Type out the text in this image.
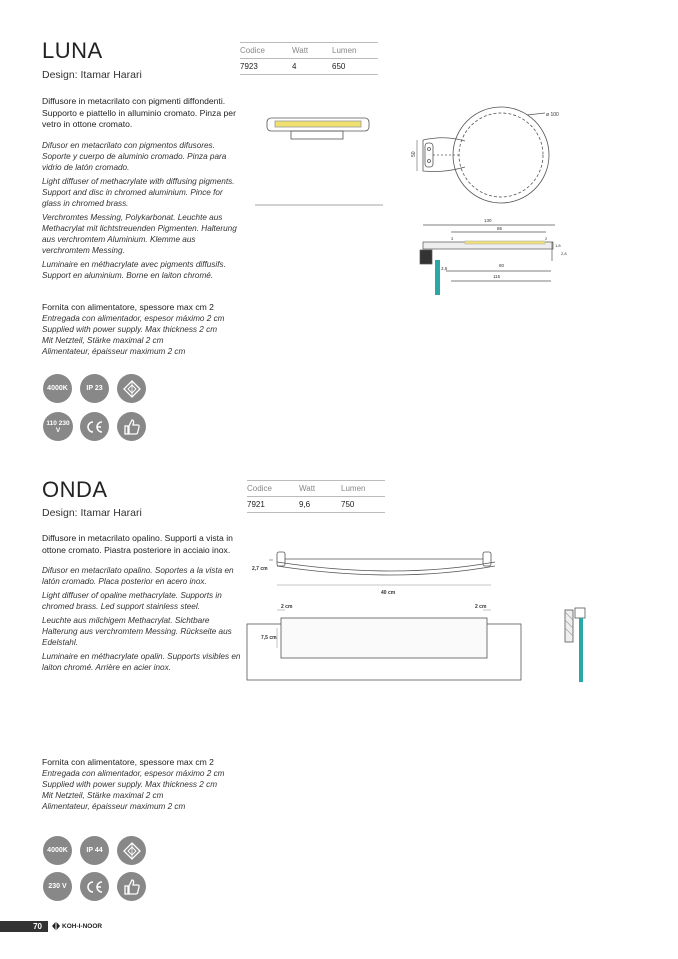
LUNA
Design: Itamar Harari
Codice	Watt	Lumen
7923	4	650

Diffusore in metacrilato con pigmenti diffondenti. Supporto e piattello in alluminio cromato. Pinza per vetro in ottone cromato.

Difusor en metacrilato con pigmentos difusores. Soporte y cuerpo de aluminio cromado. Pinza para vidrio de latón cromado.

Light diffuser of methacrylate with diffusing pigments. Support and disc in chromed aluminium. Pince for glass in chromed brass.

Verchromtes Messing, Polykarbonat. Leuchte aus Methacrylat mit lichtstreuenden Pigmenten. Halterung aus verchromtem Aluminium. Klemme aus verchromtem Messing.

Luminaire en méthacrylate avec pigments diffusifs. Support en aluminium. Borne en laiton chromé.

Fornita con alimentatore, spessore max cm 2
Entregada con alimentador, espesor máximo 2 cm
Supplied with power supply. Max thickness 2 cm
Mit Netzteil, Stärke maximal 2 cm
Alimentateur, épaisseur maximum 2 cm
4000K	IP 23
110 230 V
ø 100
50
130
86
80
115
3,5
3
1,8
2
2,8
ONDA
Design: Itamar Harari
Codice	Watt	Lumen
7921	9,6	750

Diffusore in metacrilato opalino. Supporti a vista in ottone cromato. Piastra posteriore in acciaio inox.

Difusor en metacrilato opalino. Soportes a la vista en latón cromado. Placa posterior en acero inox.

Light diffuser of opaline methacrylate. Supports in chromed brass. Led support stainless steel.

Leuchte aus milchigem Methacrylat. Sichtbare Halterung aus verchromtem Messing. Rückseite aus Edelstahl.

Luminaire en méthacrylate opalin. Supports visibles en laiton chromé. Arrière en acier inox.

Fornita con alimentatore, spessore max cm 2
Entregada con alimentador, espesor máximo 2 cm
Supplied with power supply. Max thickness 2 cm
Mit Netzteil, Stärke maximal 2 cm
Alimentateur, épaisseur maximum 2 cm
4000K	IP 44
230 V
2,7 cm
40 cm
2 cm	2 cm
7,5 cm
70	KOH-I-NOOR
